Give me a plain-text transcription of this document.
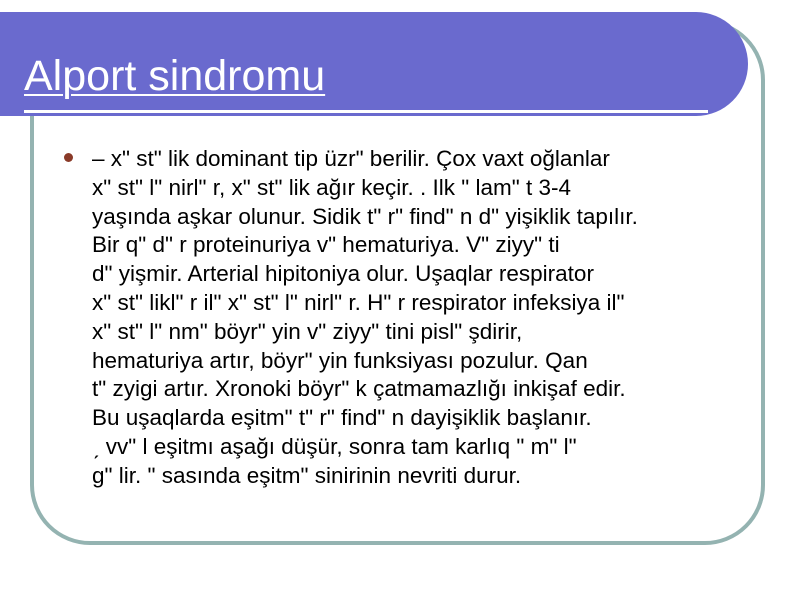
Alport sindromu

– xʺ stʺ lik dominant tip üzrʺ berilir. Çox vaxt oğlanlar
xʺ stʺ lʺ nirlʺ r, xʺ stʺ lik ağır keçir. . Ilk ʺ lamʺ t 3-4
yaşında aşkar olunur. Sidik tʺ rʺ findʺ n dʺ yişiklik tapılır.
Bir qʺ dʺ r proteinuriya vʺ hematuriya. Vʺ ziyyʺ ti
dʺ yişmir. Arterial hipitoniya olur. Uşaqlar respirator
xʺ stʺ liklʺ r ilʺ xʺ stʺ lʺ nirlʺ r. Hʺ r respirator infeksiya ilʺ
xʺ stʺ lʺ nmʺ böyrʺ yin vʺ ziyyʺ tini pislʺ şdirir,
hematuriya artır, böyrʺ yin funksiyası pozulur. Qan
tʺ zyigi artır. Xronoki böyrʺ k çatmamazlığı inkişaf edir.
Bu uşaqlarda eşitmʺ tʺ rʺ findʺ n dayişiklik başlanır.
ˏ vvʺ l eşitmı aşağı düşür, sonra tam karlıq ʺ mʺ lʺ
gʺ lir. ʺ sasında eşitmʺ sinirinin nevriti durur.
